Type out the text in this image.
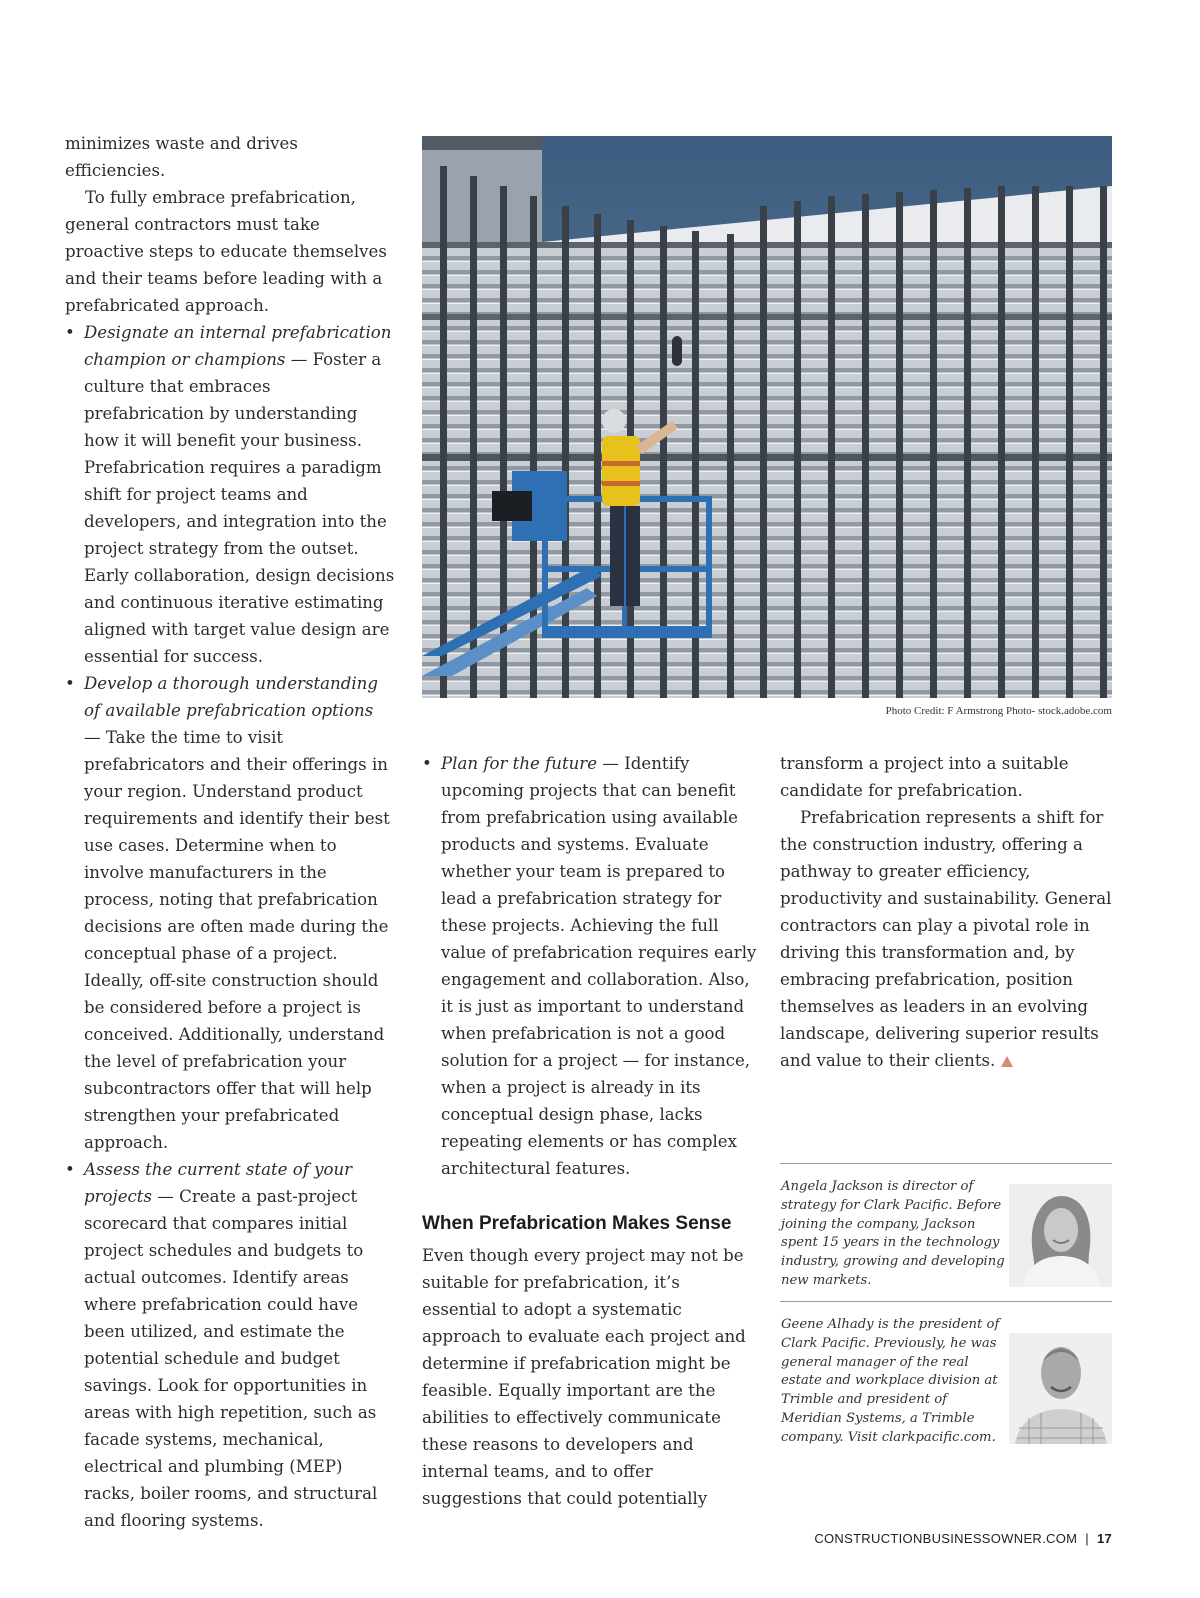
minimizes waste and drives efficiencies.

To fully embrace prefabrication, general contractors must take proactive steps to educate themselves and their teams before leading with a prefabricated approach.

• Designate an internal prefabrication champion or champions — Foster a culture that embraces prefabrication by understanding how it will benefit your business. Prefabrication requires a paradigm shift for project teams and developers, and integration into the project strategy from the outset. Early collaboration, design decisions and continuous iterative estimating aligned with target value design are essential for success.
• Develop a thorough understanding of available prefabrication options — Take the time to visit prefabricators and their offerings in your region. Understand product requirements and identify their best use cases. Determine when to involve manufacturers in the process, noting that prefabrication decisions are often made during the conceptual phase of a project. Ideally, off-site construction should be considered before a project is conceived. Additionally, understand the level of prefabrication your subcontractors offer that will help strengthen your prefabricated approach.
• Assess the current state of your projects — Create a past-project scorecard that compares initial project schedules and budgets to actual outcomes. Identify areas where prefabrication could have been utilized, and estimate the potential schedule and budget savings. Look for opportunities in areas with high repetition, such as facade systems, mechanical, electrical and plumbing (MEP) racks, boiler rooms, and structural and flooring systems.
Photo Credit: F Armstrong Photo- stock.adobe.com
• Plan for the future — Identify upcoming projects that can benefit from prefabrication using available products and systems. Evaluate whether your team is prepared to lead a prefabrication strategy for these projects. Achieving the full value of prefabrication requires early engagement and collaboration. Also, it is just as important to understand when prefabrication is not a good solution for a project — for instance, when a project is already in its conceptual design phase, lacks repeating elements or has complex architectural features.
When Prefabrication Makes Sense

Even though every project may not be suitable for prefabrication, it’s essential to adopt a systematic approach to evaluate each project and determine if prefabrication might be feasible. Equally important are the abilities to effectively communicate these reasons to developers and internal teams, and to offer suggestions that could potentially

transform a project into a suitable candidate for prefabrication.

Prefabrication represents a shift for the construction industry, offering a pathway to greater efficiency, productivity and sustainability. General contractors can play a pivotal role in driving this transformation and, by embracing prefabrication, position themselves as leaders in an evolving landscape, delivering superior results and value to their clients.

Angela Jackson is director of strategy for Clark Pacific. Before joining the company, Jackson spent 15 years in the technology industry, growing and developing new markets.
Geene Alhady is the president of Clark Pacific. Previously, he was general manager of the real estate and workplace division at Trimble and president of Meridian Systems, a Trimble company. Visit clarkpacific.com.
CONSTRUCTIONBUSINESSOWNER.COM | 17
